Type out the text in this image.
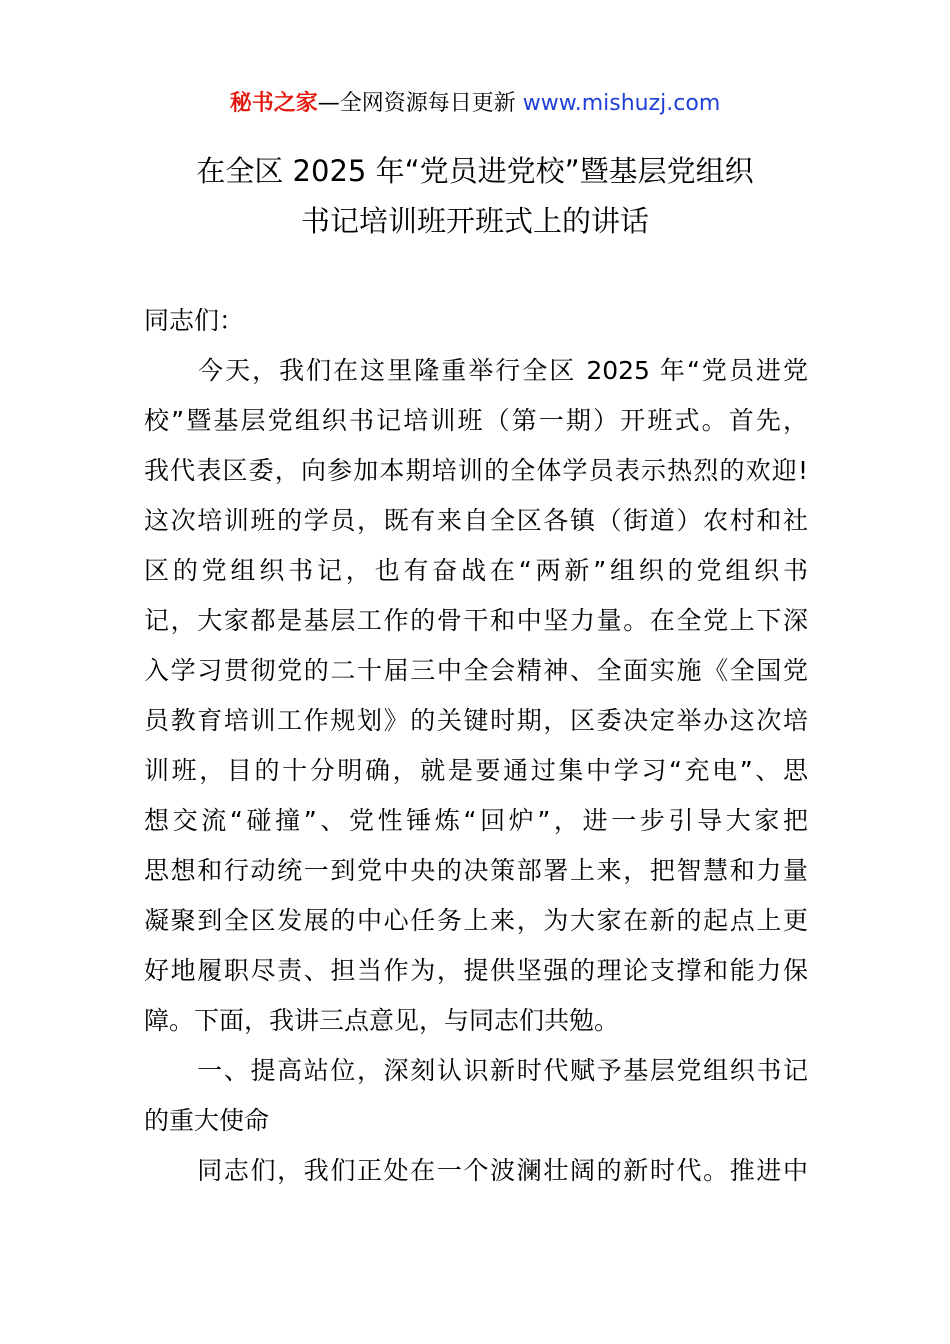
秘书之家—全网资源每日更新 www.mishuzj.com
在全区 2025 年“党员进党校”暨基层党组织
书记培训班开班式上的讲话
同志们：
　　今天，我们在这里隆重举行全区 2025 年“党员进党
校”暨基层党组织书记培训班（第一期）开班式。首先，
我代表区委，向参加本期培训的全体学员表示热烈的欢迎!
这次培训班的学员，既有来自全区各镇（街道）农村和社
区的党组织书记，也有奋战在“两新”组织的党组织书
记，大家都是基层工作的骨干和中坚力量。在全党上下深
入学习贯彻党的二十届三中全会精神、全面实施《全国党
员教育培训工作规划》的关键时期，区委决定举办这次培
训班，目的十分明确，就是要通过集中学习“充电”、思
想交流“碰撞”、党性锤炼“回炉”，进一步引导大家把
思想和行动统一到党中央的决策部署上来，把智慧和力量
凝聚到全区发展的中心任务上来，为大家在新的起点上更
好地履职尽责、担当作为，提供坚强的理论支撑和能力保
障。下面，我讲三点意见，与同志们共勉。
　　一、提高站位，深刻认识新时代赋予基层党组织书记
的重大使命
　　同志们，我们正处在一个波澜壮阔的新时代。推进中
